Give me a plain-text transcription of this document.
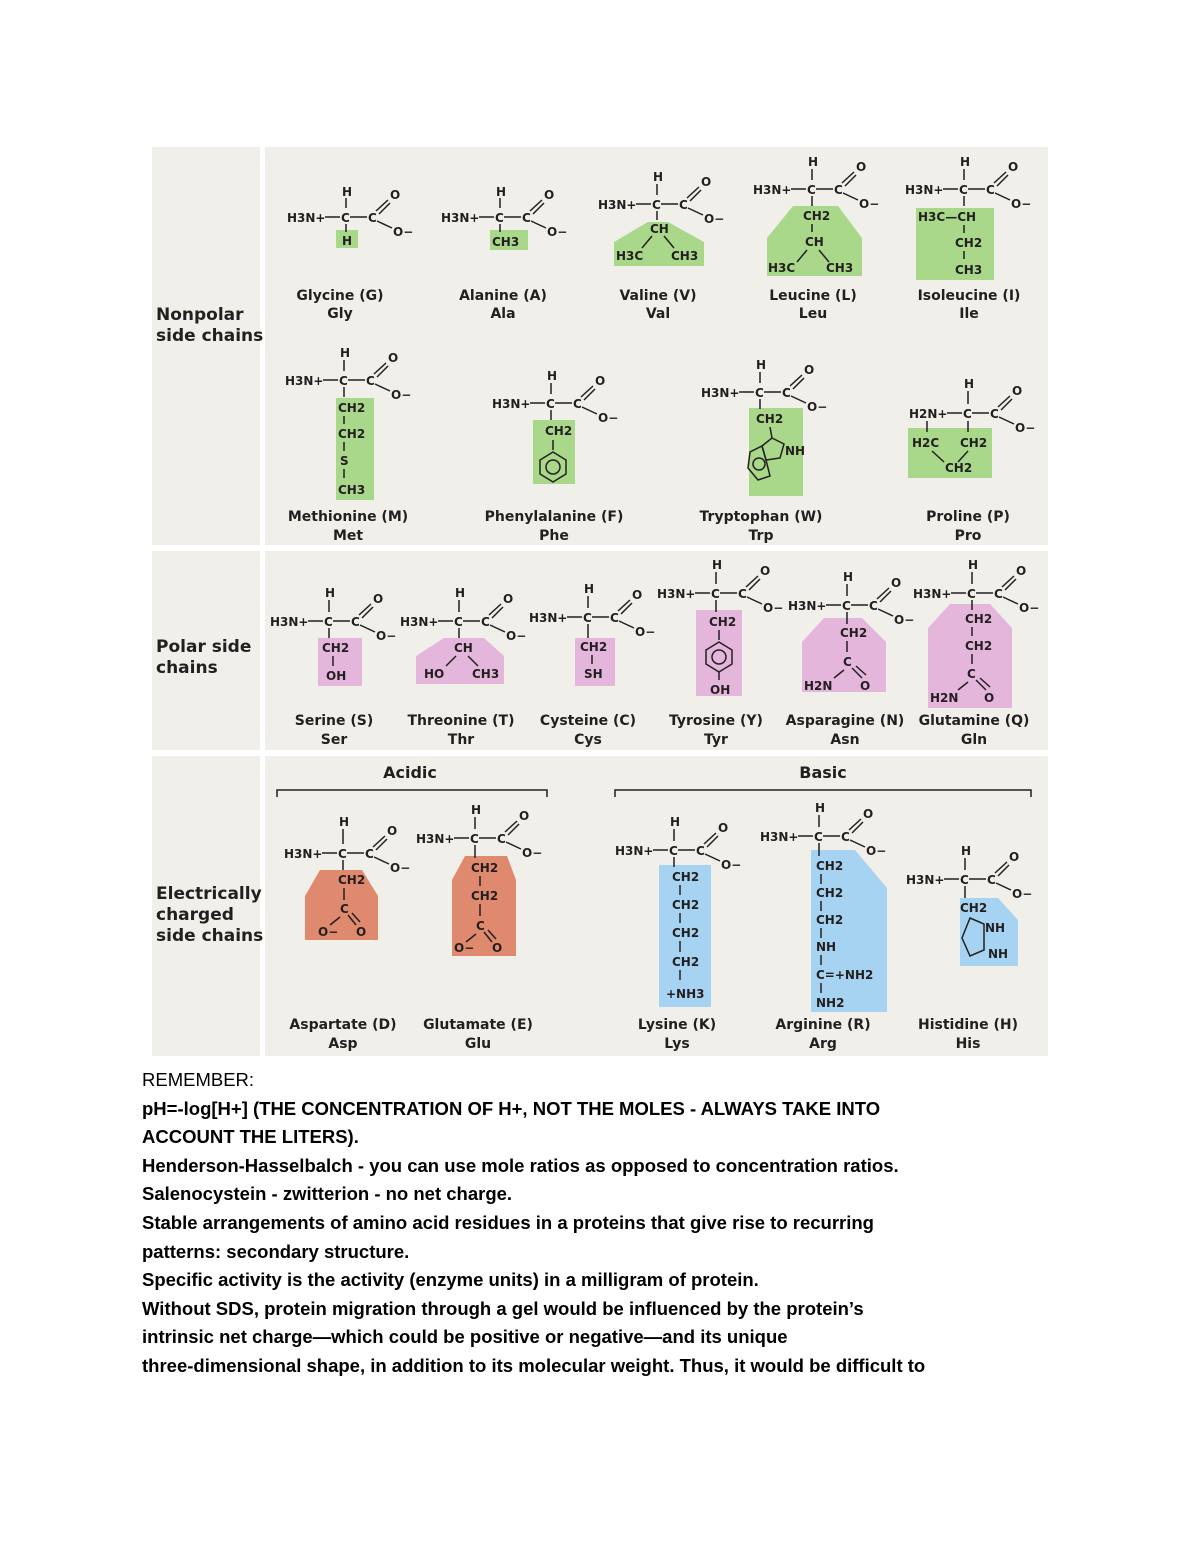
Nonpolar side chains
Polar side chains
Electrically charged side chains
Acidic	Basic
H3N+ C
H
C
O
O−
H
H3N+ C
H
C
O
O−
CH3
H3N+ C
H
C
O
O−
CH
H3C CH3
H3N+ C
H
C
O
O−
CH2
CH
H3C	CH3
H3N+ C
H
C
O
O−
H3C—CH
CH2
CH3
H3N+ C
H
C
O
O−
CH2
CH2
S
CH3
H3N+ C
H
C
O
O−
CH2
H3N+ C
H
C
O
O−
CH2
NH
H2N+ C
H
C
O
O−
H2C CH2
CH2
H3N+ C
H
C
O
O−
CH2
OH
H3N+ C
H
C
O
O−
CH
HO CH3
H3N+ C
H
C
O
O−
CH2
SH
H3N+ C
H
C
O
O−
CH2
OH
H3N+ C
H
C
O
O−
CH2
C
H2N O
H3N+ C
H
C
O
O−
CH2
CH2
C
H2N O
H3N+ C
H
C
O
O−
CH2
C
O− O
H3N+ C
H
C
O
O−
CH2
CH2
C
O− O
H3N+ C
H
C
O
O−
CH2
CH2
CH2
CH2
+NH3
H3N+ C
H
C
O
O−
CH2
CH2
CH2
NH
C=+NH2
NH2
H3N+ C
H
C
O
O−
CH2
NH
NH
Glycine (G)
Gly
Alanine (A)
Ala
Valine (V)
Val
Leucine (L)
Leu
Isoleucine (I)
Ile
Methionine (M)
Met
Phenylalanine (F)
Phe
Tryptophan (W)
Trp
Proline (P)
Pro
Serine (S)
Ser
Threonine (T)
Thr
Cysteine (C)
Cys
Tyrosine (Y)
Tyr
Asparagine (N)
Asn
Glutamine (Q)
Gln
Aspartate (D)
Asp
Glutamate (E)
Glu
Lysine (K)
Lys
Arginine (R)
Arg
Histidine (H)
His
REMEMBER:
pH=-log[H+] (THE CONCENTRATION OF H+, NOT THE MOLES - ALWAYS TAKE INTO
ACCOUNT THE LITERS).
Henderson-Hasselbalch - you can use mole ratios as opposed to concentration ratios.
Salenocystein - zwitterion - no net charge.
Stable arrangements of amino acid residues in a proteins that give rise to recurring
patterns: secondary structure.
Specific activity is the activity (enzyme units) in a milligram of protein.
Without SDS, protein migration through a gel would be influenced by the protein’s
intrinsic net charge—which could be positive or negative—and its unique
three-dimensional shape, in addition to its molecular weight. Thus, it would be difficult to
